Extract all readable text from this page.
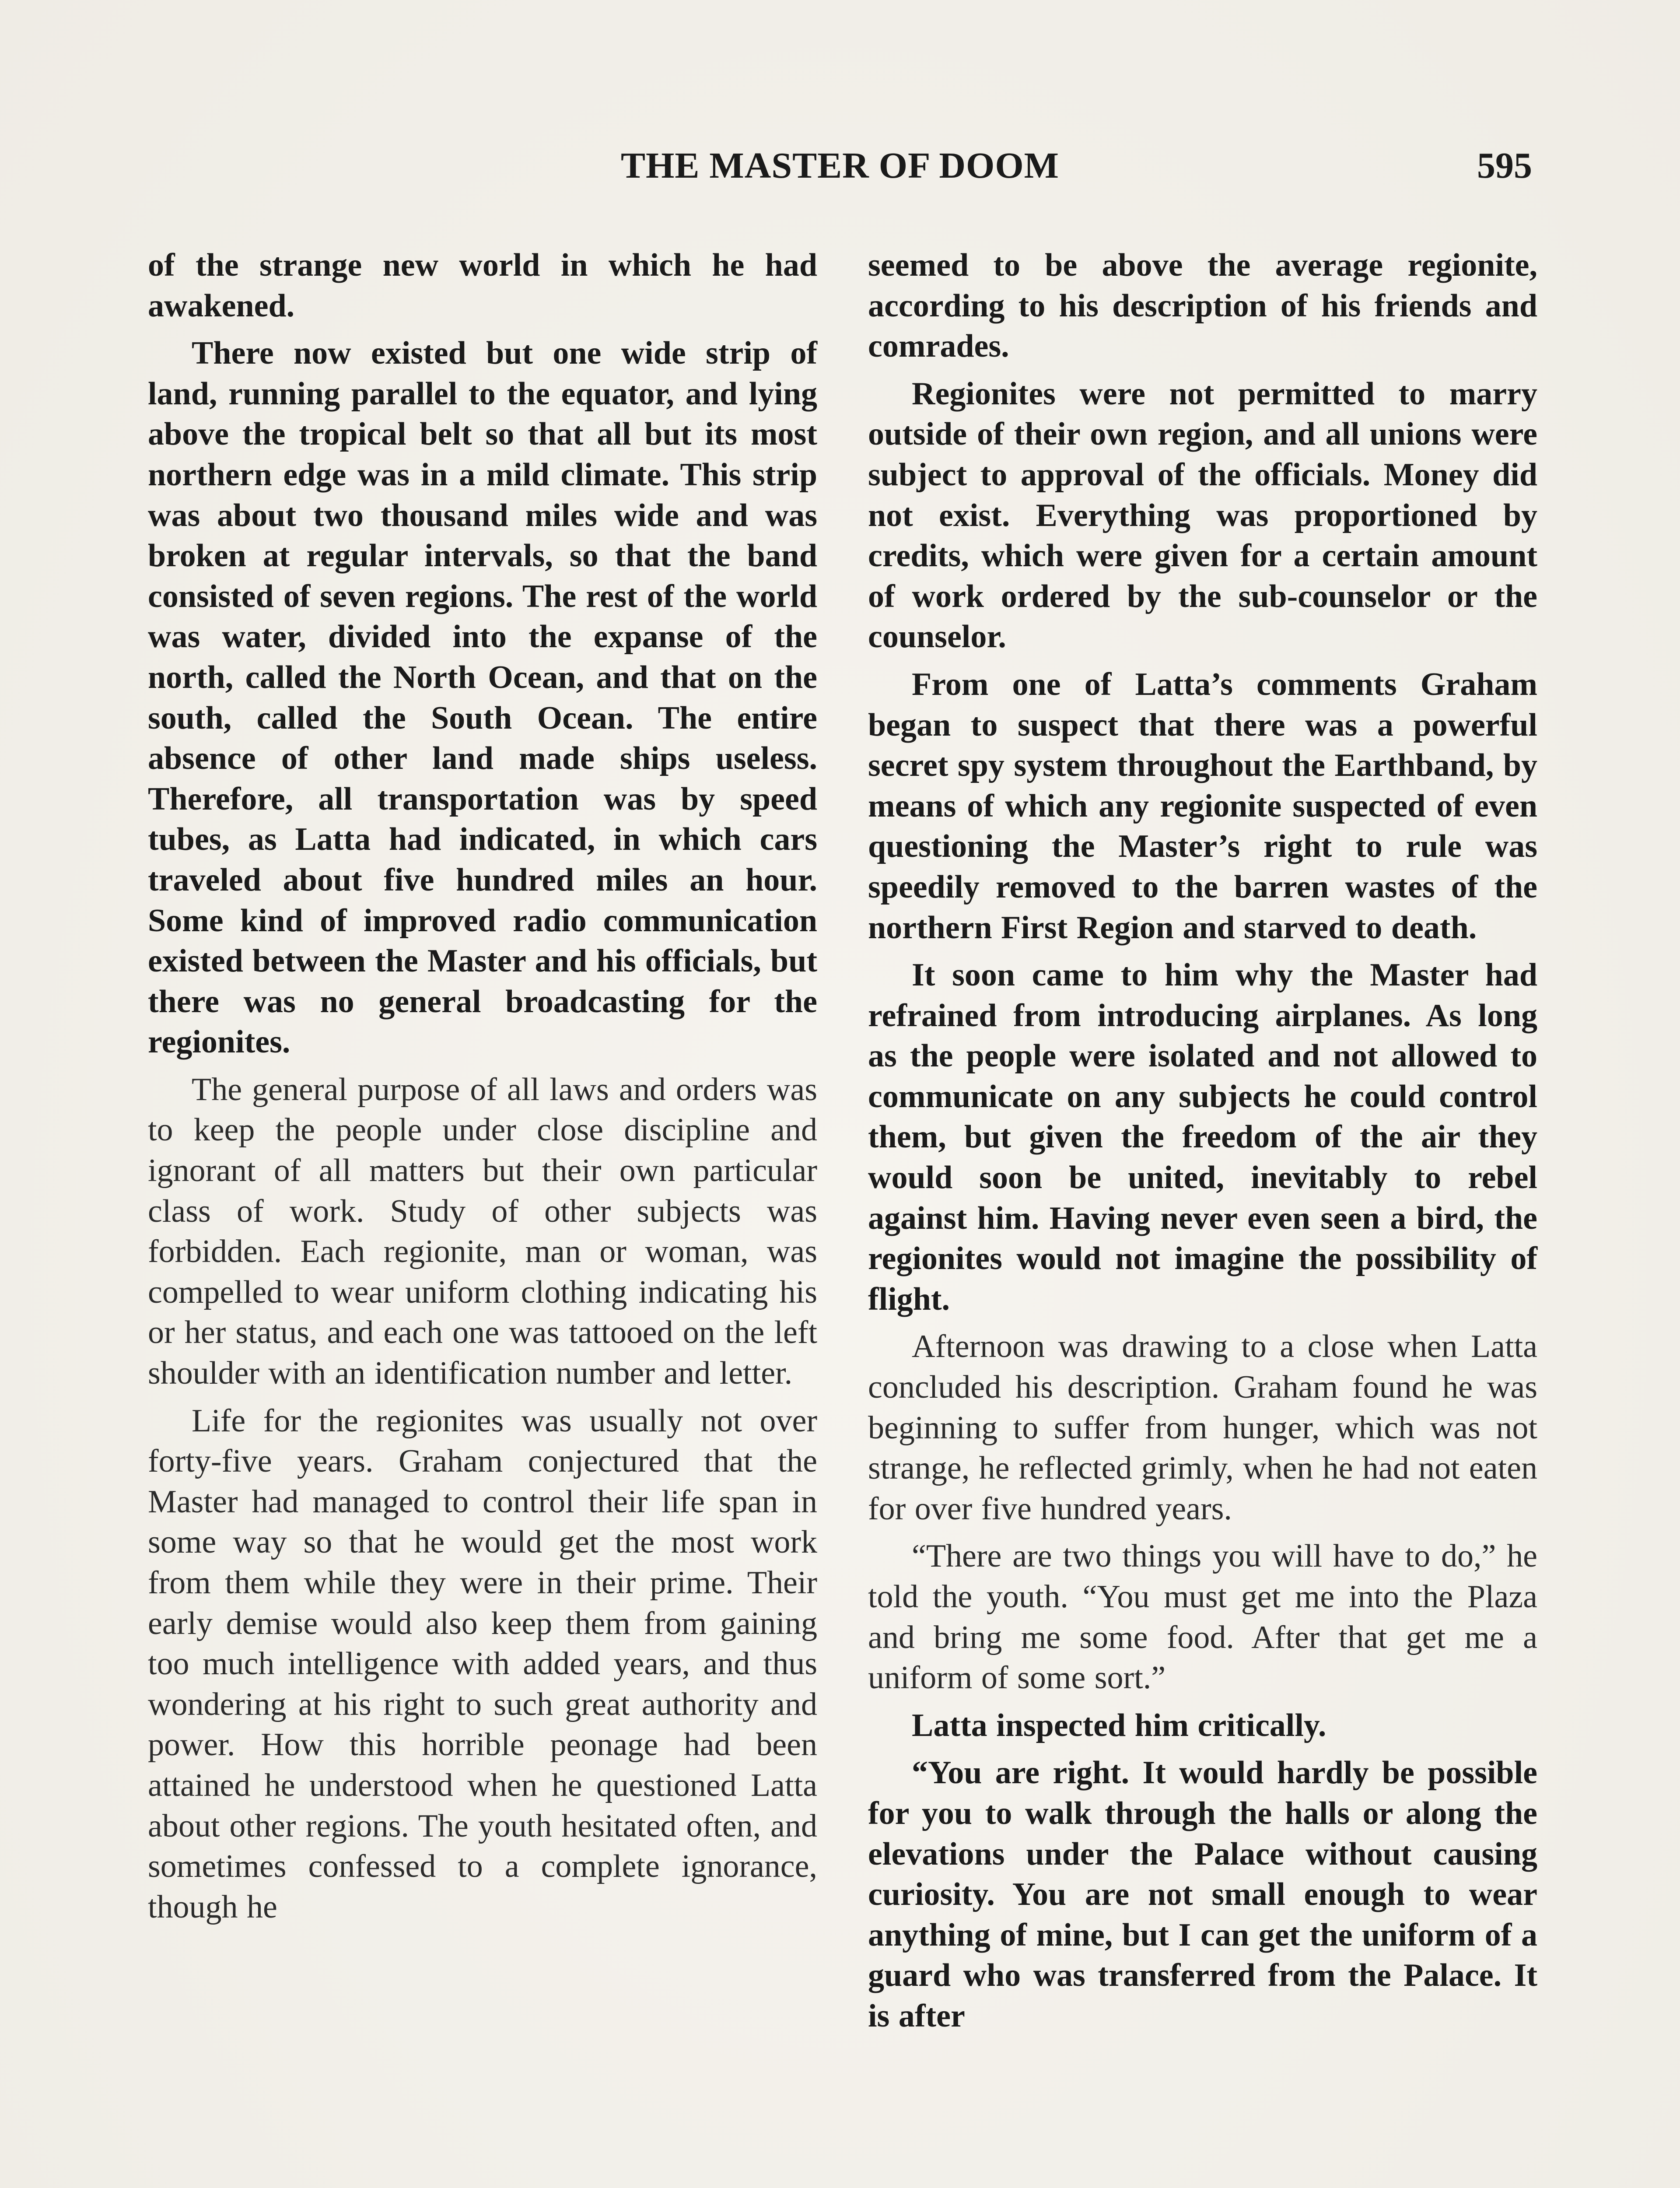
THE MASTER OF DOOM	595

of the strange new world in which he had awakened.

There now existed but one wide strip of land, running parallel to the equator, and lying above the tropical belt so that all but its most northern edge was in a mild climate. This strip was about two thousand miles wide and was broken at regular intervals, so that the band consisted of seven regions. The rest of the world was water, divided into the expanse of the north, called the North Ocean, and that on the south, called the South Ocean. The entire absence of other land made ships useless. Therefore, all transportation was by speed tubes, as Latta had indicated, in which cars traveled about five hundred miles an hour. Some kind of improved radio communication existed between the Master and his officials, but there was no general broadcasting for the regionites.

The general purpose of all laws and orders was to keep the people under close discipline and ignorant of all matters but their own particular class of work. Study of other subjects was forbidden. Each regionite, man or woman, was compelled to wear uniform clothing indicating his or her status, and each one was tattooed on the left shoulder with an identification number and letter.

Life for the regionites was usually not over forty-five years. Graham conjectured that the Master had managed to control their life span in some way so that he would get the most work from them while they were in their prime. Their early demise would also keep them from gaining too much intelligence with added years, and thus wondering at his right to such great authority and power. How this horrible peonage had been attained he understood when he questioned Latta about other regions. The youth hesitated often, and sometimes confessed to a complete ignorance, though he

seemed to be above the average regionite, according to his description of his friends and comrades.

Regionites were not permitted to marry outside of their own region, and all unions were subject to approval of the officials. Money did not exist. Everything was proportioned by credits, which were given for a certain amount of work ordered by the sub-counselor or the counselor.

From one of Latta’s comments Graham began to suspect that there was a powerful secret spy system throughout the Earthband, by means of which any regionite suspected of even questioning the Master’s right to rule was speedily removed to the barren wastes of the northern First Region and starved to death.

It soon came to him why the Master had refrained from introducing airplanes. As long as the people were isolated and not allowed to communicate on any subjects he could control them, but given the freedom of the air they would soon be united, inevitably to rebel against him. Having never even seen a bird, the regionites would not imagine the possibility of flight.

Afternoon was drawing to a close when Latta concluded his description. Graham found he was beginning to suffer from hunger, which was not strange, he reflected grimly, when he had not eaten for over five hundred years.

“There are two things you will have to do,” he told the youth. “You must get me into the Plaza and bring me some food. After that get me a uniform of some sort.”

Latta inspected him critically.

“You are right. It would hardly be possible for you to walk through the halls or along the elevations under the Palace without causing curiosity. You are not small enough to wear anything of mine, but I can get the uniform of a guard who was transferred from the Palace. It is after
